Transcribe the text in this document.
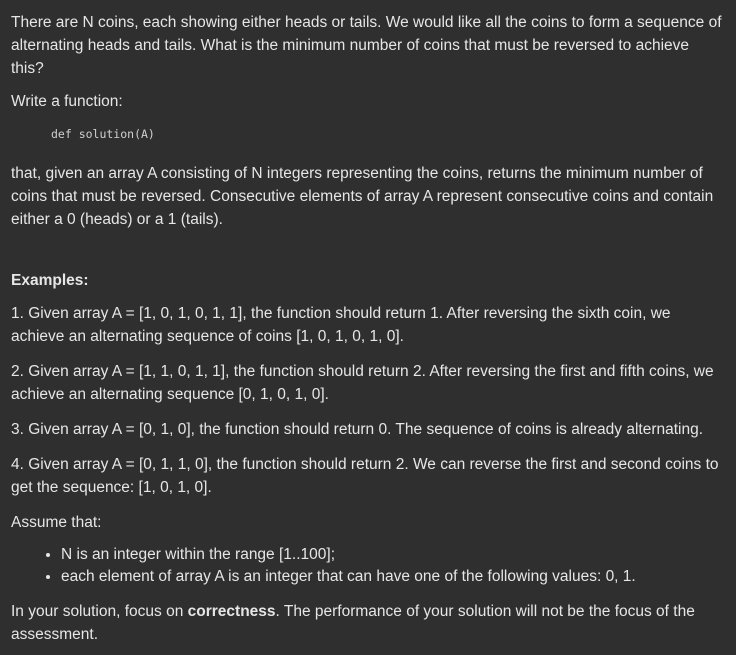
There are N coins, each showing either heads or tails. We would like all the coins to form a sequence of alternating heads and tails. What is the minimum number of coins that must be reversed to achieve this?

Write a function:

def solution(A)

that, given an array A consisting of N integers representing the coins, returns the minimum number of coins that must be reversed. Consecutive elements of array A represent consecutive coins and contain either a 0 (heads) or a 1 (tails).

Examples:

1. Given array A = [1, 0, 1, 0, 1, 1], the function should return 1. After reversing the sixth coin, we achieve an alternating sequence of coins [1, 0, 1, 0, 1, 0].

2. Given array A = [1, 1, 0, 1, 1], the function should return 2. After reversing the first and fifth coins, we achieve an alternating sequence [0, 1, 0, 1, 0].

3. Given array A = [0, 1, 0], the function should return 0. The sequence of coins is already alternating.

4. Given array A = [0, 1, 1, 0], the function should return 2. We can reverse the first and second coins to get the sequence: [1, 0, 1, 0].

Assume that:

• N is an integer within the range [1..100];
• each element of array A is an integer that can have one of the following values: 0, 1.

In your solution, focus on correctness. The performance of your solution will not be the focus of the assessment.
